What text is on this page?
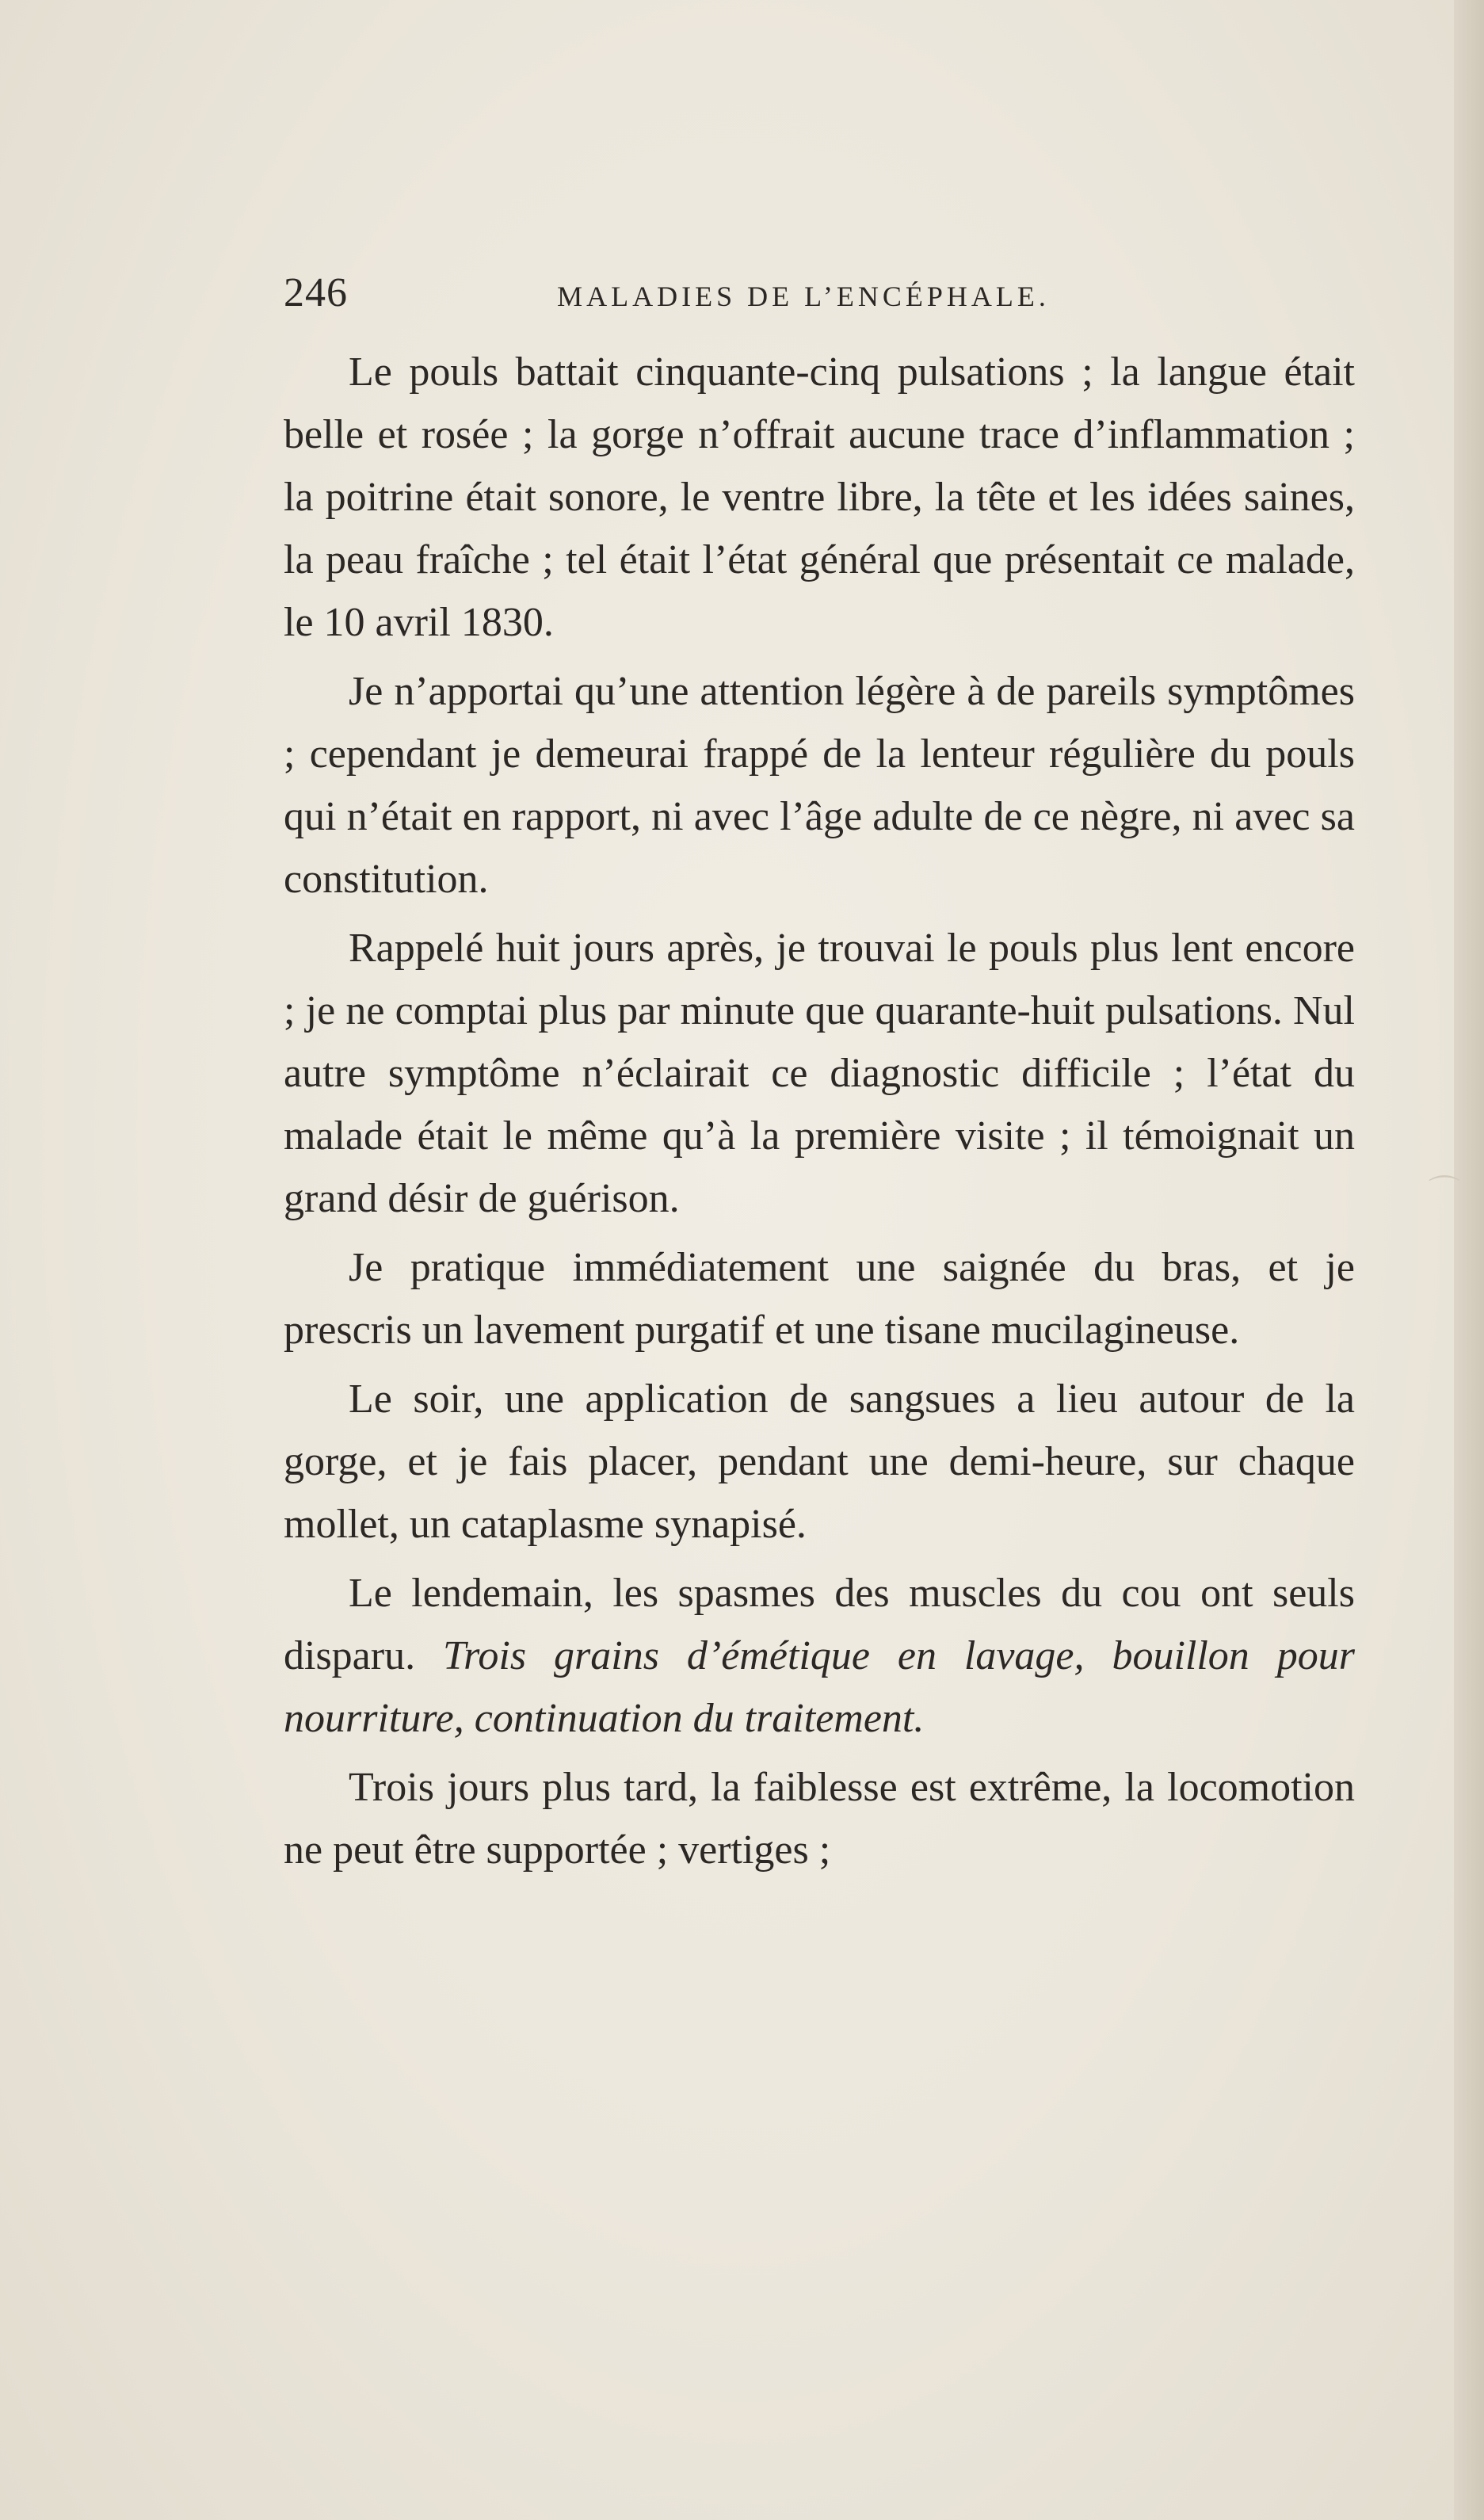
246	MALADIES DE L’ENCÉPHALE.

Le pouls battait cinquante-cinq pulsations ; la langue était belle et rosée ; la gorge n’offrait aucune trace d’inflammation ; la poitrine était sonore, le ventre libre, la tête et les idées saines, la peau fraîche ; tel était l’état général que présentait ce malade, le 10 avril 1830.

Je n’apportai qu’une attention légère à de pareils symptômes ; cependant je demeurai frappé de la lenteur régulière du pouls qui n’était en rapport, ni avec l’âge adulte de ce nègre, ni avec sa constitution.

Rappelé huit jours après, je trouvai le pouls plus lent encore ; je ne comptai plus par minute que quarante-huit pulsations. Nul autre symptôme n’éclairait ce diagnostic difficile ; l’état du malade était le même qu’à la première visite ; il témoignait un grand désir de guérison.

Je pratique immédiatement une saignée du bras, et je prescris un lavement purgatif et une tisane mucilagineuse.

Le soir, une application de sangsues a lieu autour de la gorge, et je fais placer, pendant une demi-heure, sur chaque mollet, un cataplasme synapisé.

Le lendemain, les spasmes des muscles du cou ont seuls disparu. Trois grains d’émétique en lavage, bouillon pour nourriture, continuation du traitement.

Trois jours plus tard, la faiblesse est extrême, la locomotion ne peut être supportée ; vertiges ;

⌒
